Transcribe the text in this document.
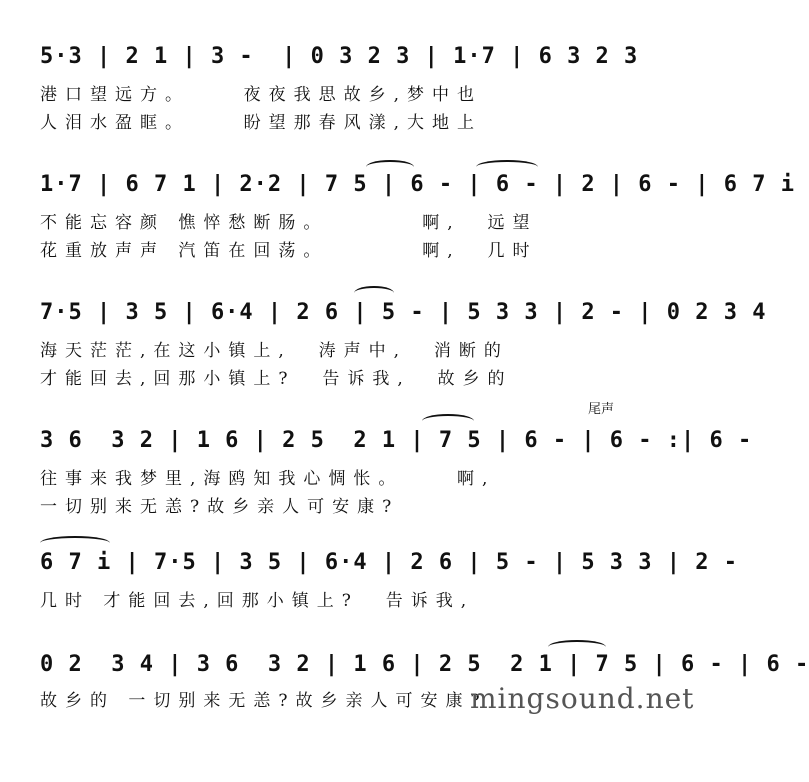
5·3 | 2 1 | 3 -  | 0 3 2 3 | 1·7 | 6 3 2 3
港口望远方。    夜夜我思故乡,梦中也
人泪水盈眶。    盼望那春风漾,大地上
1·7 | 6 7 1 | 2·2 | 7 5 | 6 - | 6 - | 2 | 6 - | 6 7 i
不能忘容颜 憔悴愁断肠。       啊,  远望
花重放声声 汽笛在回荡。       啊,  几时
7·5 | 3 5 | 6·4 | 2 6 | 5 - | 5 3 3 | 2 - | 0 2 3 4
海天茫茫,在这小镇上,  涛声中,  消断的
才能回去,回那小镇上?  告诉我,  故乡的
尾声
3 6  3 2 | 1 6 | 2 5  2 1 | 7 5 | 6 - | 6 - :| 6 -
往事来我梦里,海鸥知我心惆怅。    啊,
一切别来无恙?故乡亲人可安康?
6 7 i | 7·5 | 3 5 | 6·4 | 2 6 | 5 - | 5 3 3 | 2 -
几时 才能回去,回那小镇上?  告诉我,
0 2  3 4 | 3 6  3 2 | 1 6 | 2 5  2 1 | 7 5 | 6 - | 6 -
故乡的 一切别来无恙?故乡亲人可安康?
mingsound.net
